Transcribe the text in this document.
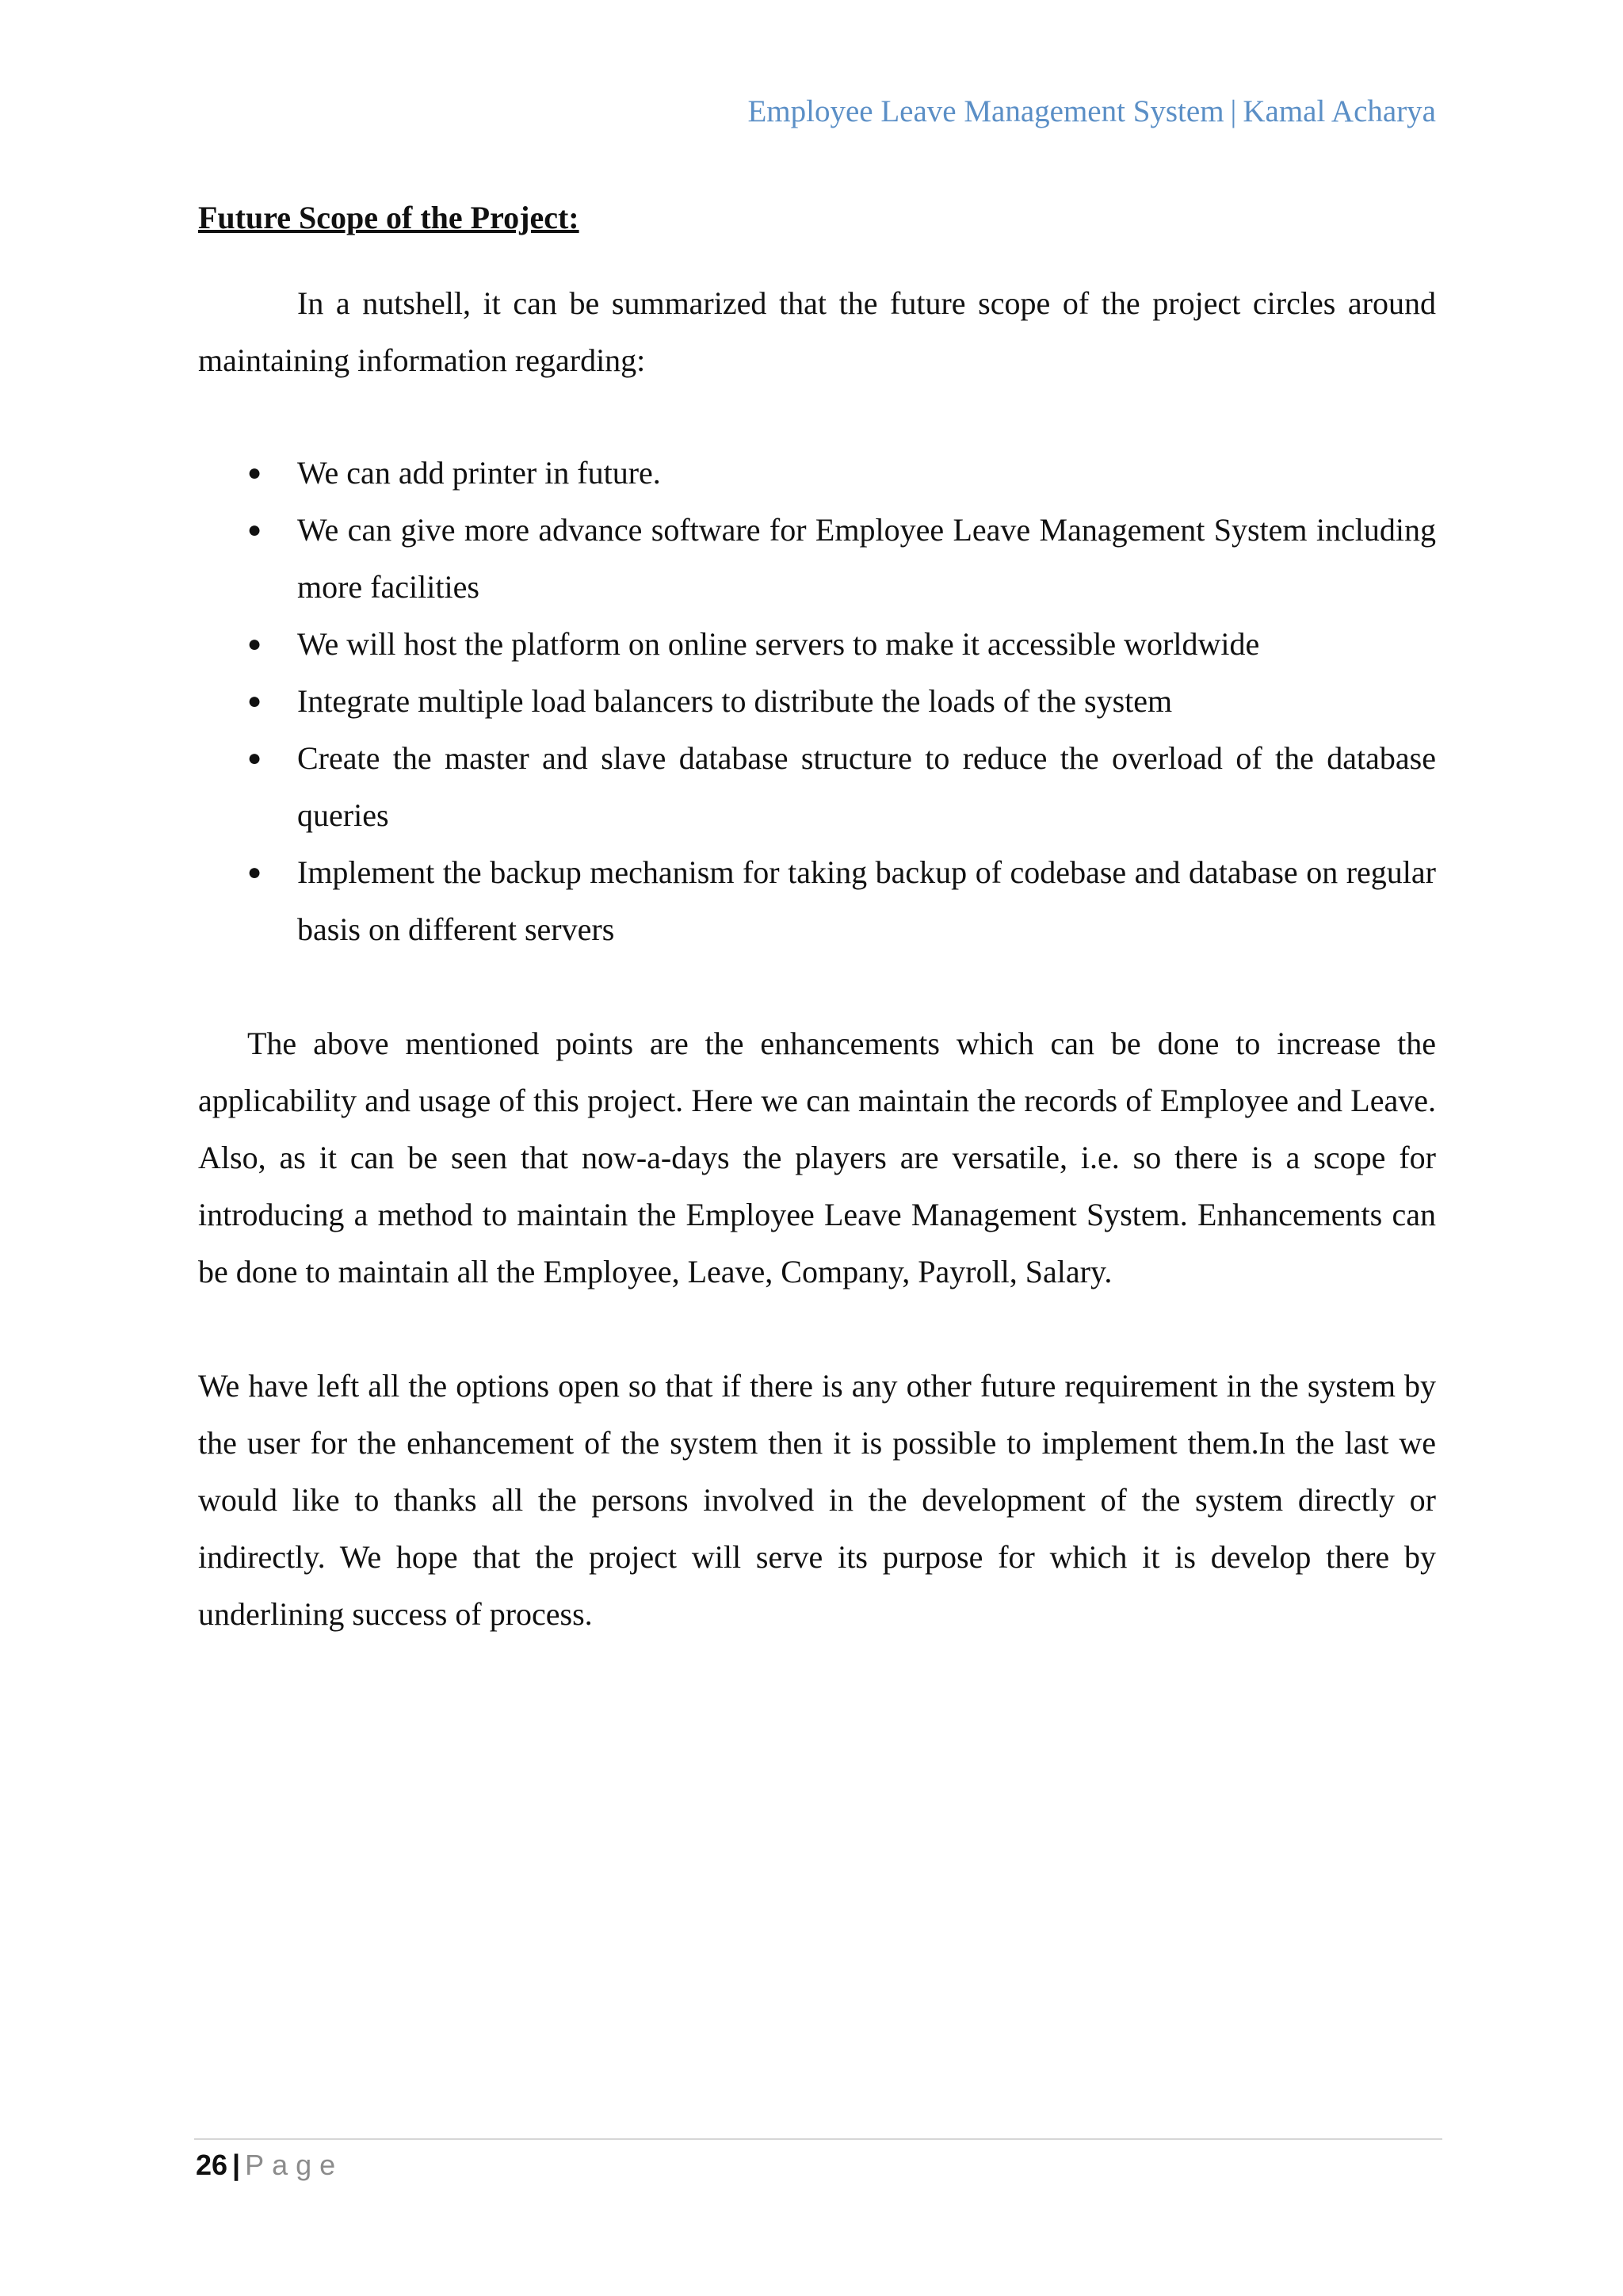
Employee Leave Management System | Kamal Acharya
Future Scope of the Project:

In a nutshell, it can be summarized that the future scope of the project circles around maintaining information regarding:

● We can add printer in future.
● We can give more advance software for Employee Leave Management System including more facilities
● We will host the platform on online servers to make it accessible worldwide
● Integrate multiple load balancers to distribute the loads of the system
● Create the master and slave database structure to reduce the overload of the database queries
● Implement the backup mechanism for taking backup of codebase and database on regular basis on different servers

The above mentioned points are the enhancements which can be done to increase the applicability and usage of this project. Here we can maintain the records of Employee and Leave. Also, as it can be seen that now-a-days the players are versatile, i.e. so there is a scope for introducing a method to maintain the Employee Leave Management System. Enhancements can be done to maintain all the Employee, Leave, Company, Payroll, Salary.

We have left all the options open so that if there is any other future requirement in the system by the user for the enhancement of the system then it is possible to implement them.In the last we would like to thanks all the persons involved in the development of the system directly or indirectly. We hope that the project will serve its purpose for which it is develop there by underlining success of process.

26 | Page
